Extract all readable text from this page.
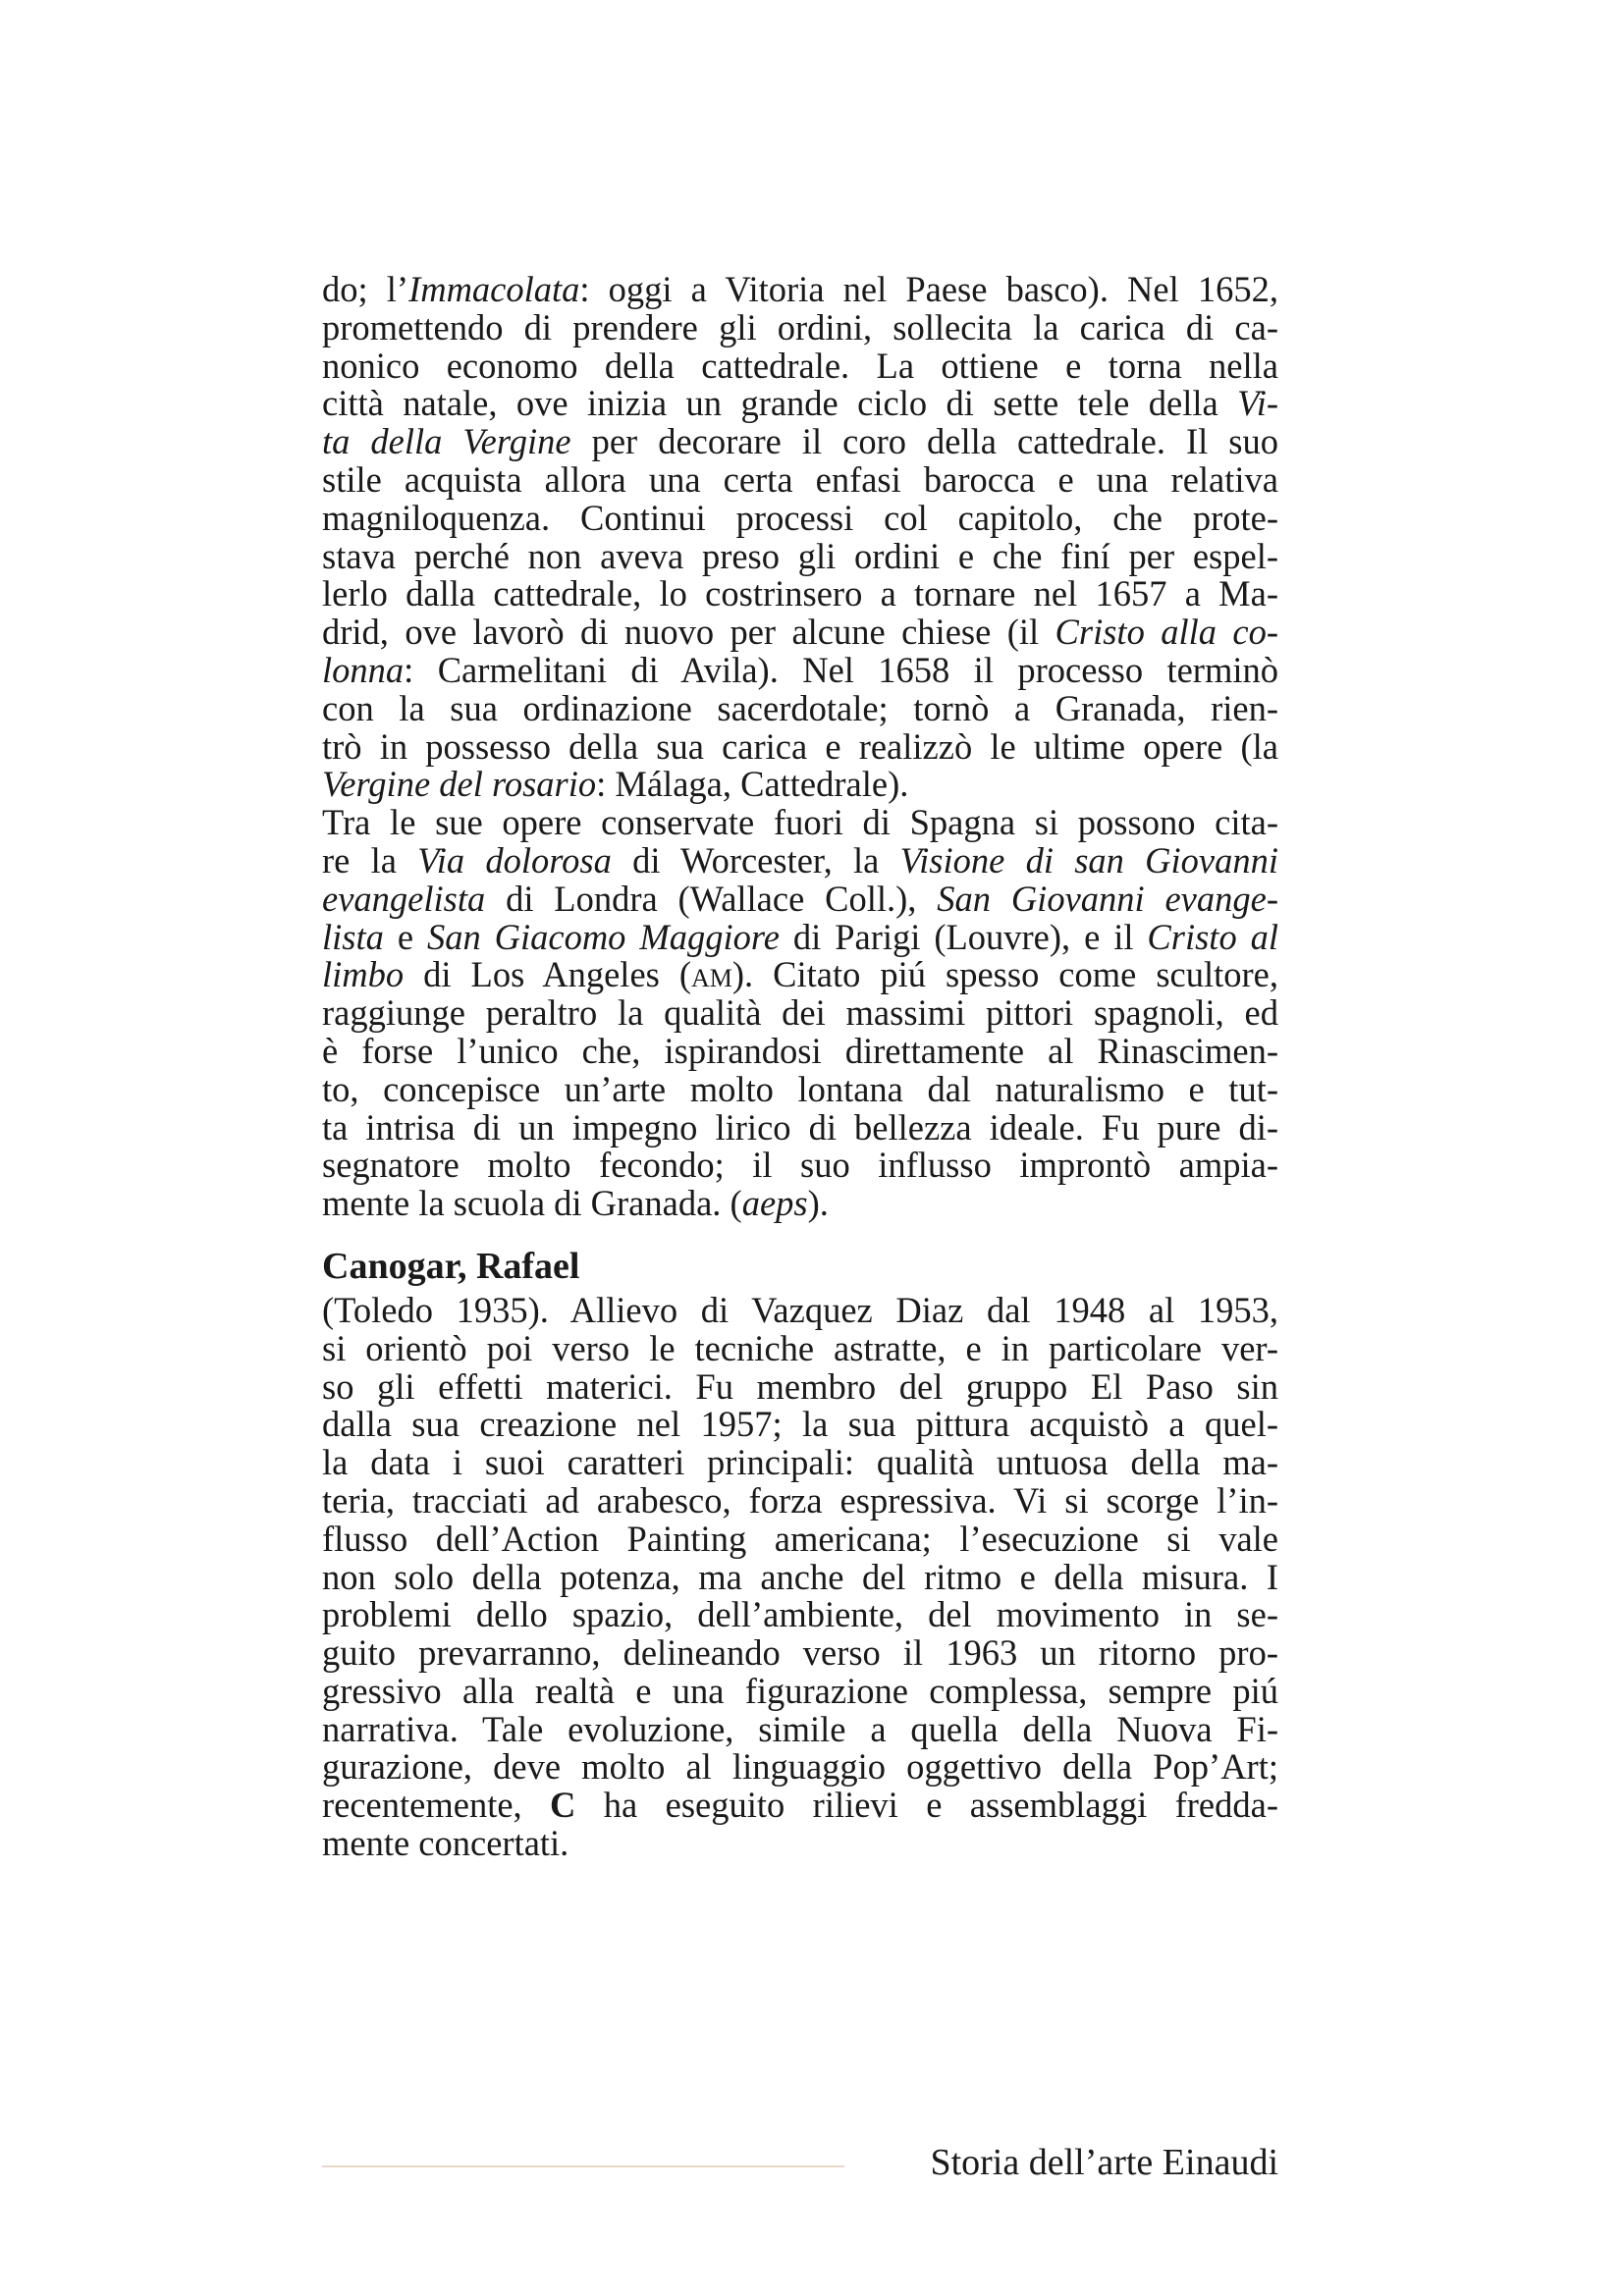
do; l’Immacolata: oggi a Vitoria nel Paese basco). Nel 1652,
promettendo di prendere gli ordini, sollecita la carica di ca-
nonico economo della cattedrale. La ottiene e torna nella
città natale, ove inizia un grande ciclo di sette tele della Vi-
ta della Vergine per decorare il coro della cattedrale. Il suo
stile acquista allora una certa enfasi barocca e una relativa
magniloquenza. Continui processi col capitolo, che prote-
stava perché non aveva preso gli ordini e che finí per espel-
lerlo dalla cattedrale, lo costrinsero a tornare nel 1657 a Ma-
drid, ove lavorò di nuovo per alcune chiese (il Cristo alla co-
lonna: Carmelitani di Avila). Nel 1658 il processo terminò
con la sua ordinazione sacerdotale; tornò a Granada, rien-
trò in possesso della sua carica e realizzò le ultime opere (la
Vergine del rosario: Málaga, Cattedrale).
Tra le sue opere conservate fuori di Spagna si possono cita-
re la Via dolorosa di Worcester, la Visione di san Giovanni
evangelista di Londra (Wallace Coll.), San Giovanni evange-
lista e San Giacomo Maggiore di Parigi (Louvre), e il Cristo al
limbo di Los Angeles (am). Citato piú spesso come scultore,
raggiunge peraltro la qualità dei massimi pittori spagnoli, ed
è forse l’unico che, ispirandosi direttamente al Rinascimen-
to, concepisce un’arte molto lontana dal naturalismo e tut-
ta intrisa di un impegno lirico di bellezza ideale. Fu pure di-
segnatore molto fecondo; il suo influsso improntò ampia-
mente la scuola di Granada. (aeps).
Canogar, Rafael
(Toledo 1935). Allievo di Vazquez Diaz dal 1948 al 1953,
si orientò poi verso le tecniche astratte, e in particolare ver-
so gli effetti materici. Fu membro del gruppo El Paso sin
dalla sua creazione nel 1957; la sua pittura acquistò a quel-
la data i suoi caratteri principali: qualità untuosa della ma-
teria, tracciati ad arabesco, forza espressiva. Vi si scorge l’in-
flusso dell’Action Painting americana; l’esecuzione si vale
non solo della potenza, ma anche del ritmo e della misura. I
problemi dello spazio, dell’ambiente, del movimento in se-
guito prevarranno, delineando verso il 1963 un ritorno pro-
gressivo alla realtà e una figurazione complessa, sempre piú
narrativa. Tale evoluzione, simile a quella della Nuova Fi-
gurazione, deve molto al linguaggio oggettivo della Pop’Art;
recentemente, C ha eseguito rilievi e assemblaggi fredda-
mente concertati.
Storia dell’arte Einaudi
